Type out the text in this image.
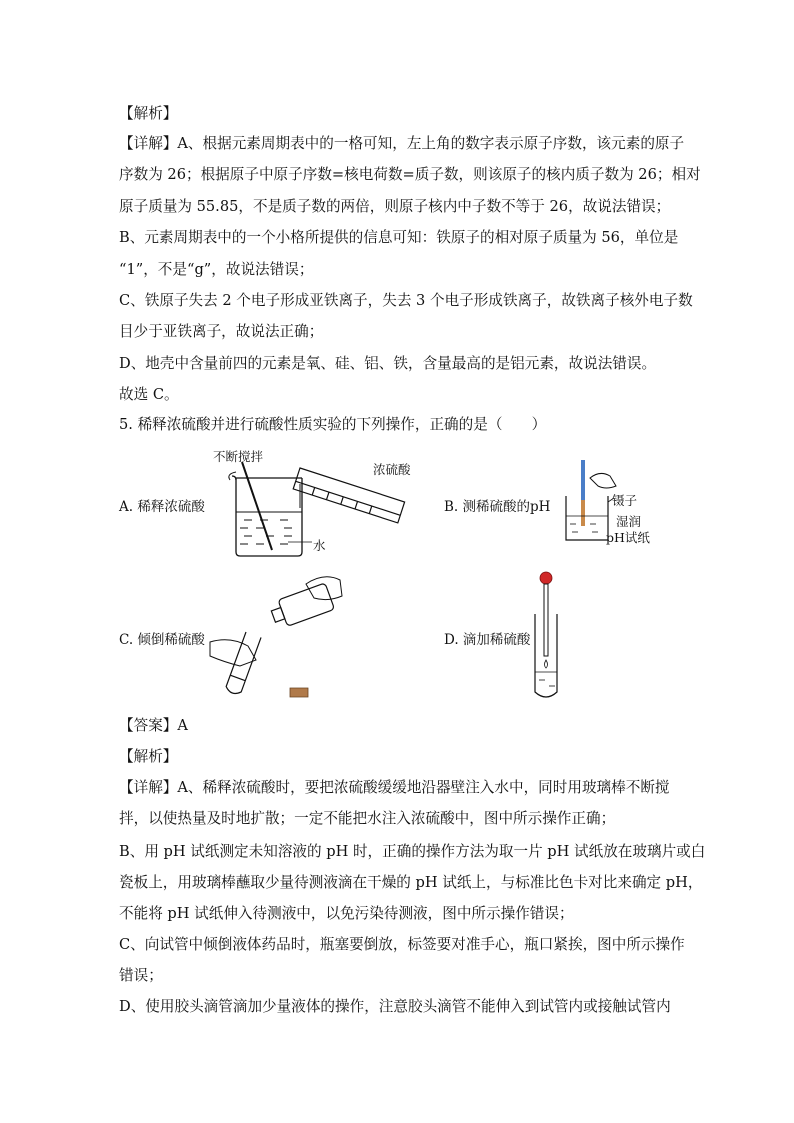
【解析】
【详解】A、根据元素周期表中的一格可知，左上角的数字表示原子序数，该元素的原子
序数为 26；根据原子中原子序数=核电荷数=质子数，则该原子的核内质子数为 26；相对
原子质量为 55.85，不是质子数的两倍，则原子核内中子数不等于 26，故说法错误；
B、元素周期表中的一个小格所提供的信息可知：铁原子的相对原子质量为 56，单位是
“1”，不是“g”，故说法错误；
C、铁原子失去 2 个电子形成亚铁离子，失去 3 个电子形成铁离子，故铁离子核外电子数
目少于亚铁离子，故说法正确；
D、地壳中含量前四的元素是氧、硅、铝、铁，含量最高的是铝元素，故说法错误。
故选 C。
5. 稀释浓硫酸并进行硫酸性质实验的下列操作，正确的是（　　）
A. 稀释浓硫酸
不断搅拌
浓硫酸
水
B. 测稀硫酸的pH	镊子
湿润
pH试纸
C. 倾倒稀硫酸	D. 滴加稀硫酸
【答案】A
【解析】
【详解】A、稀释浓硫酸时，要把浓硫酸缓缓地沿器壁注入水中，同时用玻璃棒不断搅
拌，以使热量及时地扩散；一定不能把水注入浓硫酸中，图中所示操作正确；
B、用 pH 试纸测定未知溶液的 pH 时，正确的操作方法为取一片 pH 试纸放在玻璃片或白
瓷板上，用玻璃棒蘸取少量待测液滴在干燥的 pH 试纸上，与标准比色卡对比来确定 pH，
不能将 pH 试纸伸入待测液中，以免污染待测液，图中所示操作错误；
C、向试管中倾倒液体药品时，瓶塞要倒放，标签要对准手心，瓶口紧挨，图中所示操作
错误；
D、使用胶头滴管滴加少量液体的操作，注意胶头滴管不能伸入到试管内或接触试管内
